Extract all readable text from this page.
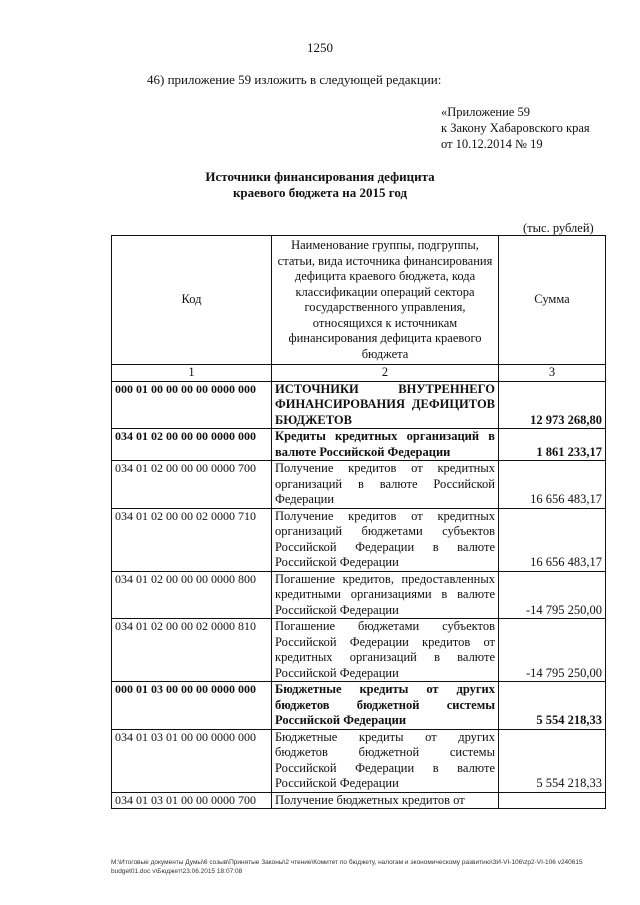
1250
46) приложение 59 изложить в следующей редакции:
«Приложение 59
к Закону Хабаровского края
от 10.12.2014 № 19
Источники финансирования дефицита
краевого бюджета на 2015 год
(тыс. рублей)
Код	Наименование группы, подгруппы, статьи, вида источника финансирования дефицита краевого бюджета, кода классификации операций сектора государственного управления, относящихся к источникам финансирования дефицита краевого бюджета	Сумма
1	2	3
000 01 00 00 00 00 0000 000	ИСТОЧНИКИ ВНУТРЕННЕГО ФИНАНСИРОВАНИЯ ДЕФИЦИТОВ БЮДЖЕТОВ	12 973 268,80
034 01 02 00 00 00 0000 000	Кредиты кредитных организаций в валюте Российской Федерации	1 861 233,17
034 01 02 00 00 00 0000 700	Получение кредитов от кредитных организаций в валюте Российской Федерации	16 656 483,17
034 01 02 00 00 02 0000 710	Получение кредитов от кредитных организаций бюджетами субъектов Российской Федерации в валюте Российской Федерации	16 656 483,17
034 01 02 00 00 00 0000 800	Погашение кредитов, предоставленных кредитными организациями в валюте Российской Федерации	-14 795 250,00
034 01 02 00 00 02 0000 810	Погашение бюджетами субъектов Российской Федерации кредитов от кредитных организаций в валюте Российской Федерации	-14 795 250,00
000 01 03 00 00 00 0000 000	Бюджетные кредиты от других бюджетов бюджетной системы Российской Федерации	5 554 218,33
034 01 03 01 00 00 0000 000	Бюджетные кредиты от других бюджетов бюджетной системы Российской Федерации в валюте Российской Федерации	5 554 218,33
034 01 03 01 00 00 0000 700	Получение бюджетных кредитов от	
M:\Итоговые документы Думы\6 созыв\Принятые Законы\2 чтение\Комитет по бюджету, налогам и экономическому развитию\ЗИ-VI-106\zp2-VI-106 v240615 budget01.doc v\Бюджет\23.06.2015 18:07:08
